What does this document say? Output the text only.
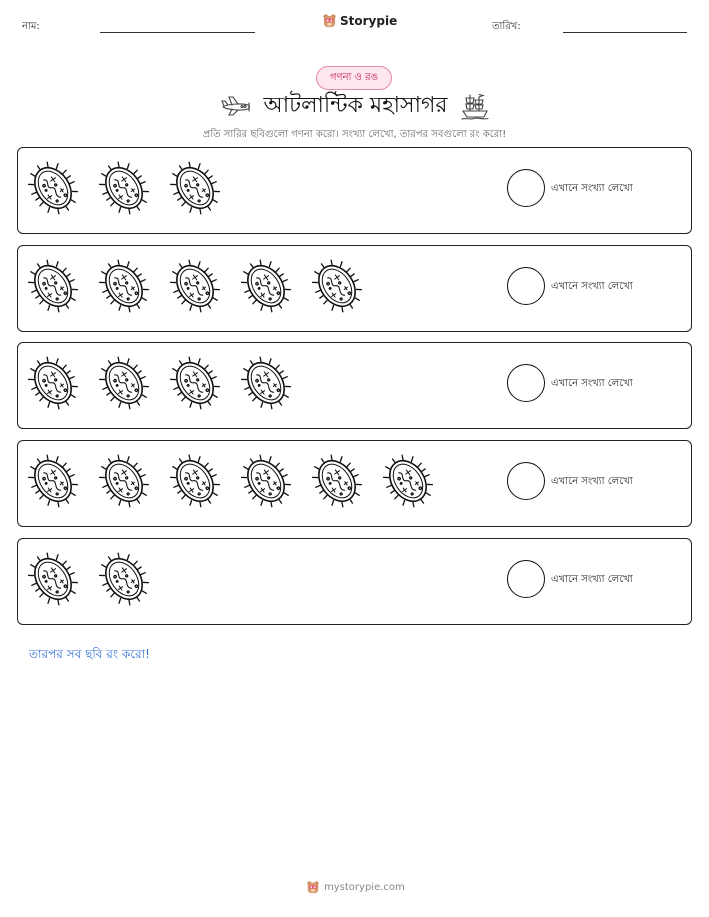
নাম:	Storypie	তারিখ:
গণনা ও রঙ
আটলান্টিক মহাসাগর
প্রতি সারির ছবিগুলো গণনা করো। সংখ্যা লেখো, তারপর সবগুলো রং করো!
এখানে সংখ্যা লেখো
এখানে সংখ্যা লেখো
এখানে সংখ্যা লেখো
এখানে সংখ্যা লেখো
এখানে সংখ্যা লেখো
তারপর সব ছবি রং করো!
mystorypie.com
